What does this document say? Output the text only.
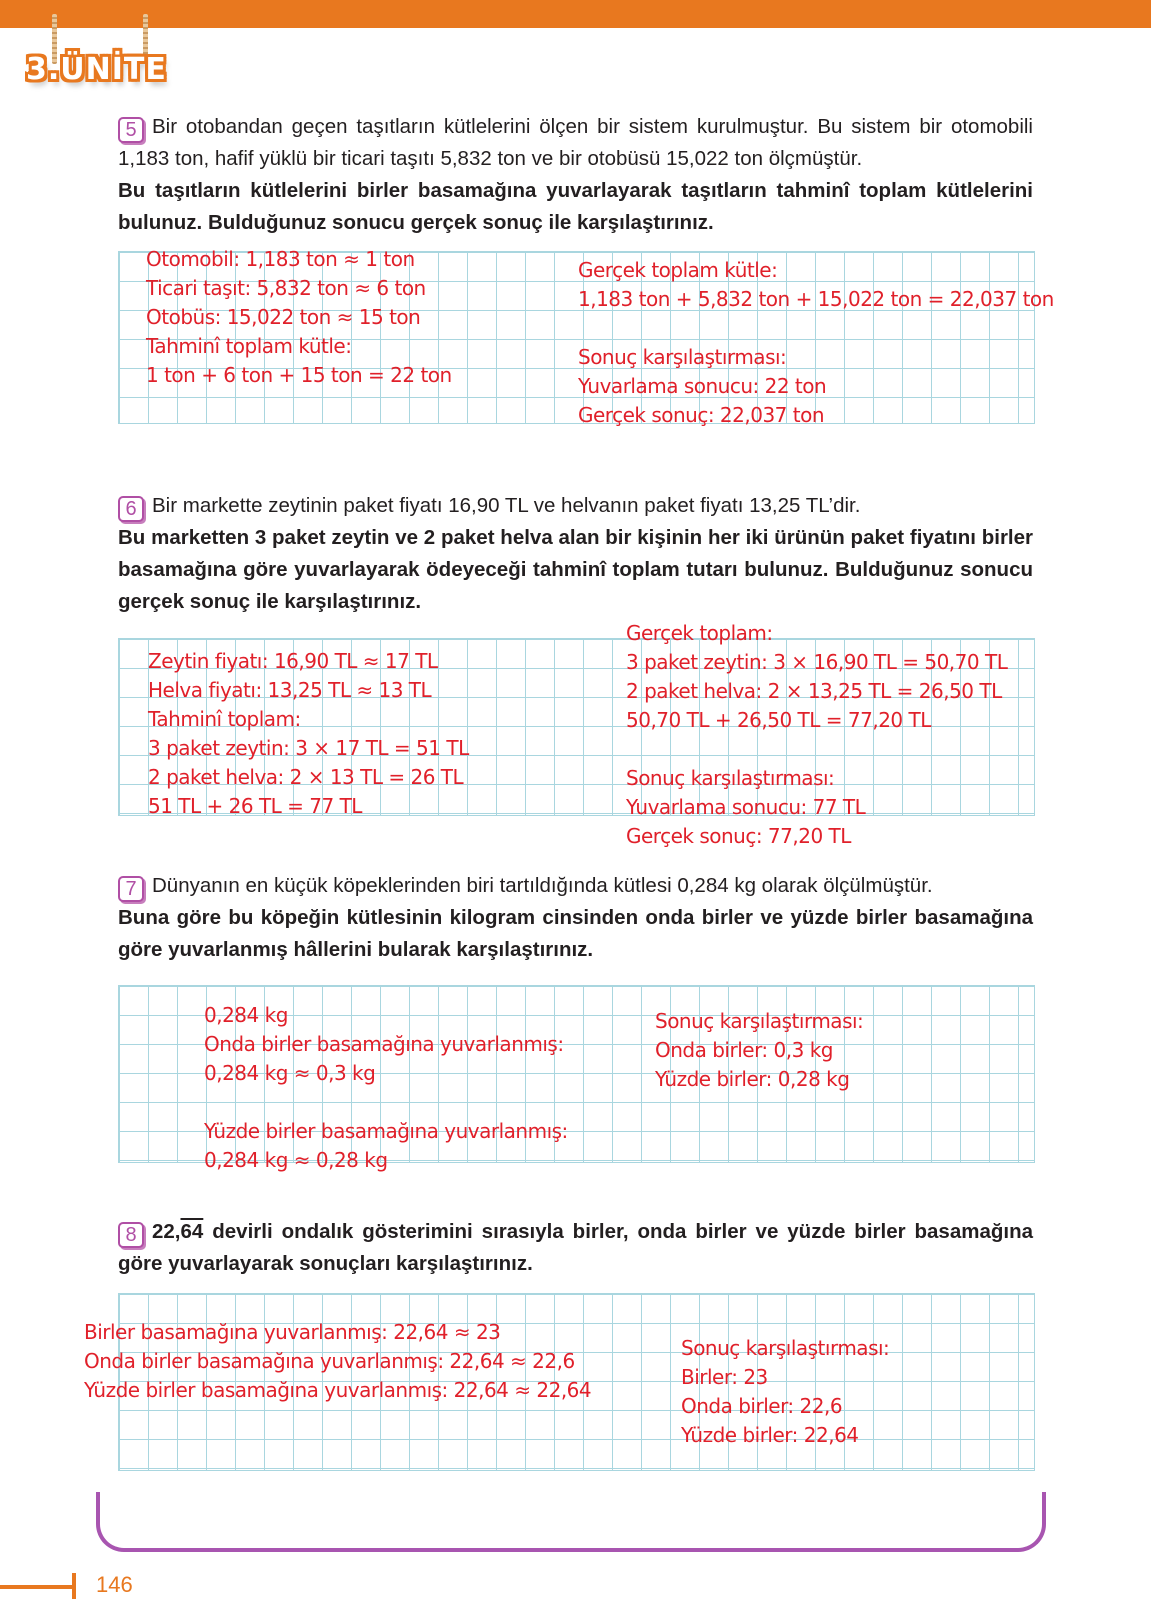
3.ÜNİTE

5 Bir otobandan geçen taşıtların kütlelerini ölçen bir sistem kurulmuştur. Bu sistem bir otomobili 1,183 ton, hafif yüklü bir ticari taşıtı 5,832 ton ve bir otobüsü 15,022 ton ölçmüştür.

Bu taşıtların kütlelerini birler basamağına yuvarlayarak taşıtların tahminî toplam kütlelerini bulunuz. Bulduğunuz sonucu gerçek sonuç ile karşılaştırınız.

Otomobil: 1,183 ton ≈ 1 ton
Ticari taşıt: 5,832 ton ≈ 6 ton
Otobüs: 15,022 ton ≈ 15 ton
Tahminî toplam kütle:
1 ton + 6 ton + 15 ton = 22 ton
Gerçek toplam kütle:
1,183 ton + 5,832 ton + 15,022 ton = 22,037 ton
Sonuç karşılaştırması:
Yuvarlama sonucu: 22 ton
Gerçek sonuç: 22,037 ton

6 Bir markette zeytinin paket fiyatı 16,90 TL ve helvanın paket fiyatı 13,25 TL’dir.

Bu marketten 3 paket zeytin ve 2 paket helva alan bir kişinin her iki ürünün paket fiyatını birler basamağına göre yuvarlayarak ödeyeceği tahminî toplam tutarı bulunuz. Bulduğunuz sonucu gerçek sonuç ile karşılaştırınız.

Zeytin fiyatı: 16,90 TL ≈ 17 TL
Helva fiyatı: 13,25 TL ≈ 13 TL
Tahminî toplam:
3 paket zeytin: 3 × 17 TL = 51 TL
2 paket helva: 2 × 13 TL = 26 TL
51 TL + 26 TL = 77 TL
Gerçek toplam:
3 paket zeytin: 3 × 16,90 TL = 50,70 TL
2 paket helva: 2 × 13,25 TL = 26,50 TL
50,70 TL + 26,50 TL = 77,20 TL
Sonuç karşılaştırması:
Yuvarlama sonucu: 77 TL
Gerçek sonuç: 77,20 TL

7 Dünyanın en küçük köpeklerinden biri tartıldığında kütlesi 0,284 kg olarak ölçülmüştür.

Buna göre bu köpeğin kütlesinin kilogram cinsinden onda birler ve yüzde birler basamağına göre yuvarlanmış hâllerini bularak karşılaştırınız.

0,284 kg
Onda birler basamağına yuvarlanmış:
0,284 kg ≈ 0,3 kg
Yüzde birler basamağına yuvarlanmış:
0,284 kg ≈ 0,28 kg
Sonuç karşılaştırması:
Onda birler: 0,3 kg
Yüzde birler: 0,28 kg

8 22,64 devirli ondalık gösterimini sırasıyla birler, onda birler ve yüzde birler basamağına göre yuvarlayarak sonuçları karşılaştırınız.

Birler basamağına yuvarlanmış: 22,64 ≈ 23
Onda birler basamağına yuvarlanmış: 22,64 ≈ 22,6
Yüzde birler basamağına yuvarlanmış: 22,64 ≈ 22,64
Sonuç karşılaştırması:
Birler: 23
Onda birler: 22,6
Yüzde birler: 22,64
146
